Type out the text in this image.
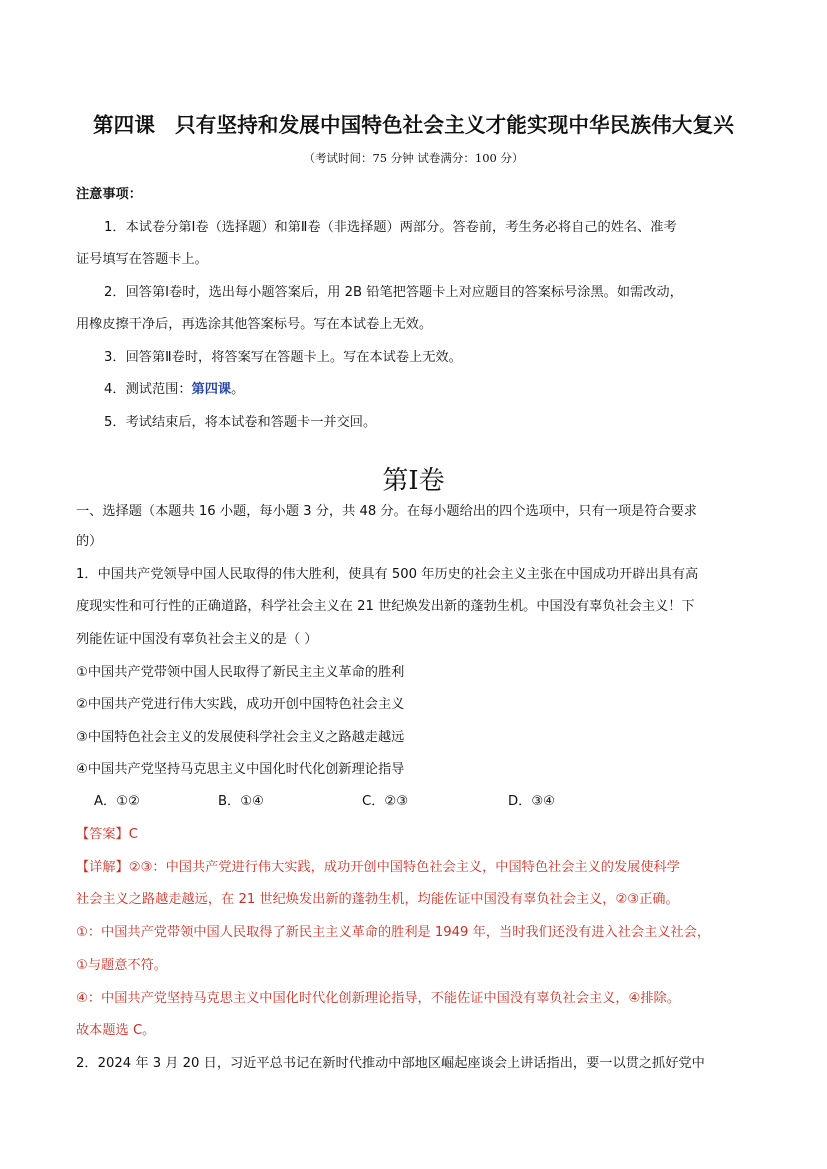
第四课 只有坚持和发展中国特色社会主义才能实现中华民族伟大复兴
（考试时间：75 分钟 试卷满分：100 分）
注意事项：
1．本试卷分第Ⅰ卷（选择题）和第Ⅱ卷（非选择题）两部分。答卷前，考生务必将自己的姓名、准考
证号填写在答题卡上。
2．回答第Ⅰ卷时，选出每小题答案后，用 2B 铅笔把答题卡上对应题目的答案标号涂黑。如需改动，
用橡皮擦干净后，再选涂其他答案标号。写在本试卷上无效。
3．回答第Ⅱ卷时，将答案写在答题卡上。写在本试卷上无效。
4．测试范围：第四课。
5．考试结束后，将本试卷和答题卡一并交回。
第Ⅰ卷
一、选择题（本题共 16 小题，每小题 3 分，共 48 分。在每小题给出的四个选项中，只有一项是符合要求
的）
1．中国共产党领导中国人民取得的伟大胜利，使具有 500 年历史的社会主义主张在中国成功开辟出具有高
度现实性和可行性的正确道路，科学社会主义在 21 世纪焕发出新的蓬勃生机。中国没有辜负社会主义！下
列能佐证中国没有辜负社会主义的是（ ）
①中国共产党带领中国人民取得了新民主主义革命的胜利
②中国共产党进行伟大实践，成功开创中国特色社会主义
③中国特色社会主义的发展使科学社会主义之路越走越远
④中国共产党坚持马克思主义中国化时代化创新理论指导
A．①②	B．①④	C．②③	D．③④
【答案】C
【详解】②③：中国共产党进行伟大实践，成功开创中国特色社会主义，中国特色社会主义的发展使科学
社会主义之路越走越远，在 21 世纪焕发出新的蓬勃生机，均能佐证中国没有辜负社会主义，②③正确。
①：中国共产党带领中国人民取得了新民主主义革命的胜利是 1949 年，当时我们还没有进入社会主义社会，
①与题意不符。
④：中国共产党坚持马克思主义中国化时代化创新理论指导，不能佐证中国没有辜负社会主义，④排除。
故本题选 C。
2．2024 年 3 月 20 日，习近平总书记在新时代推动中部地区崛起座谈会上讲话指出，要一以贯之抓好党中
